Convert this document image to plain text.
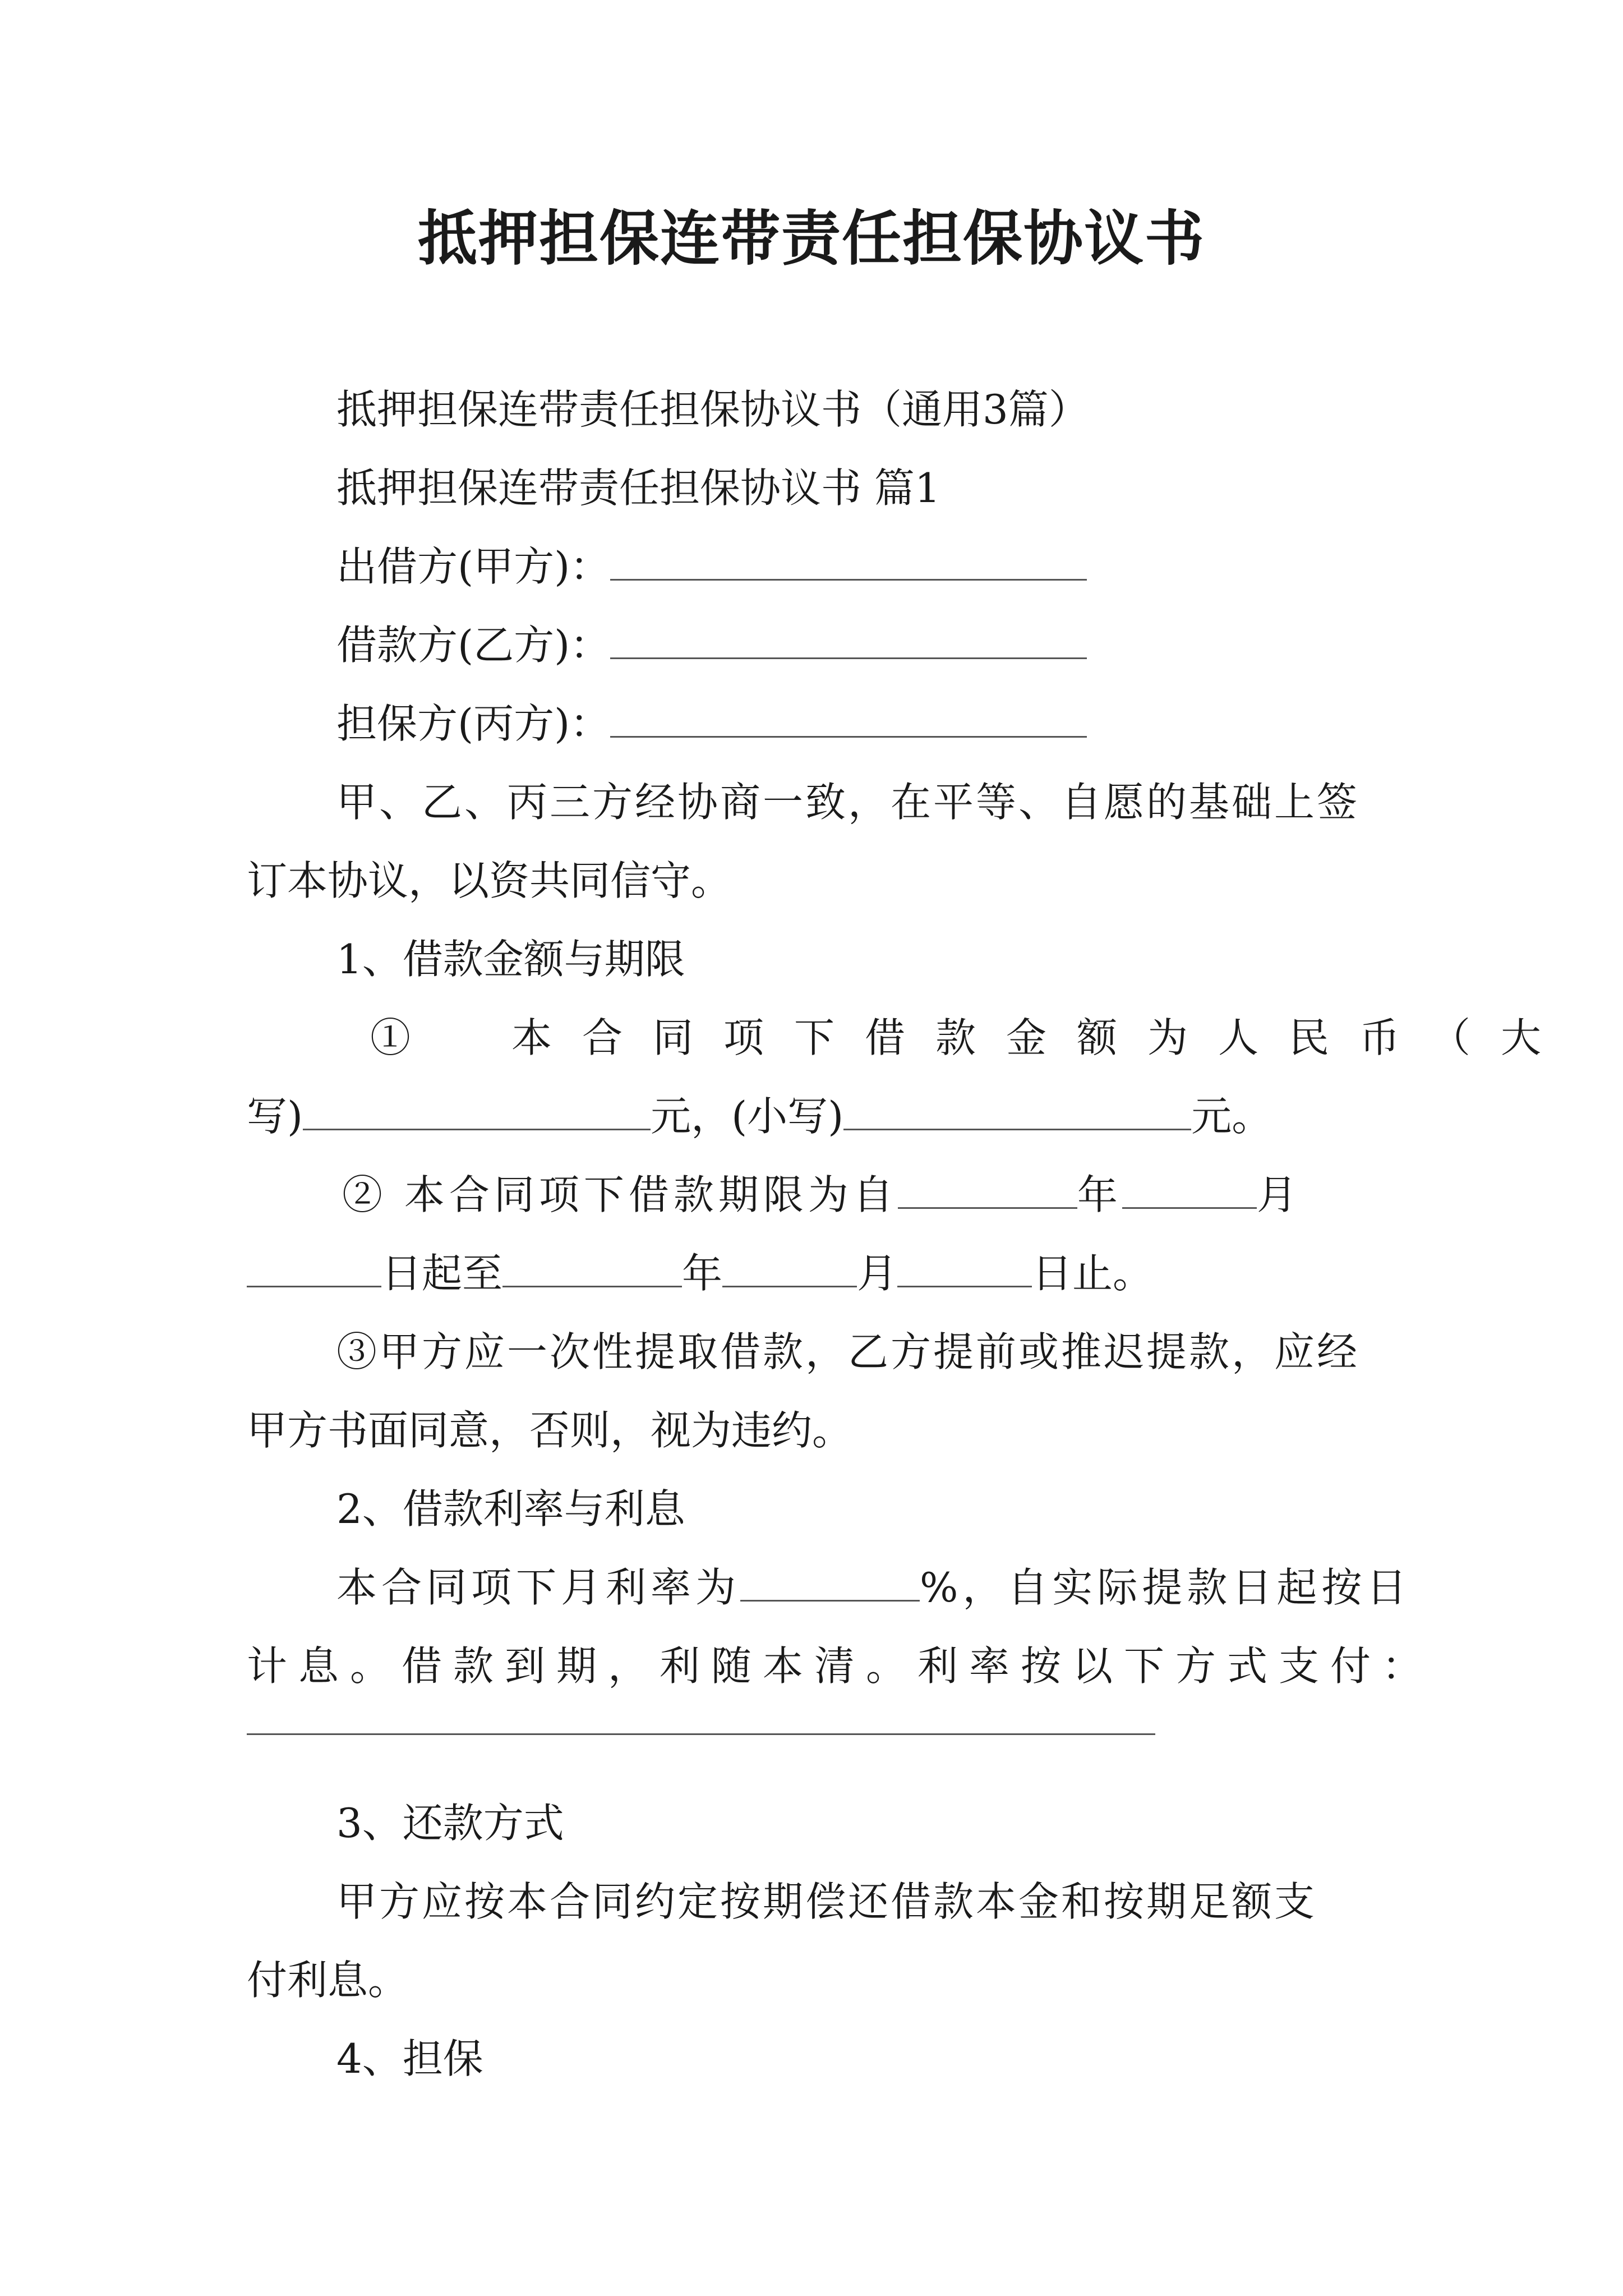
抵押担保连带责任担保协议书
抵押担保连带责任担保协议书（通用3篇）
抵押担保连带责任担保协议书 篇1
出借方(甲方)：
借款方(乙方)：
担保方(丙方)：
甲、乙、丙三方经协商一致，在平等、自愿的基础上签
订本协议，以资共同信守。
1、借款金额与期限
①　本合同项下借款金额为人民币（大
写)	元，(小写)	元。
② 本合同项下借款期限为自	年	月
日起至	年	月	日止。
③甲方应一次性提取借款，乙方提前或推迟提款，应经
甲方书面同意，否则，视为违约。
2、借款利率与利息
本合同项下月利率为	%，自实际提款日起按日
计息。借款到期，利随本清。利率按以下方式支付：
3、还款方式
甲方应按本合同约定按期偿还借款本金和按期足额支
付利息。
4、担保
